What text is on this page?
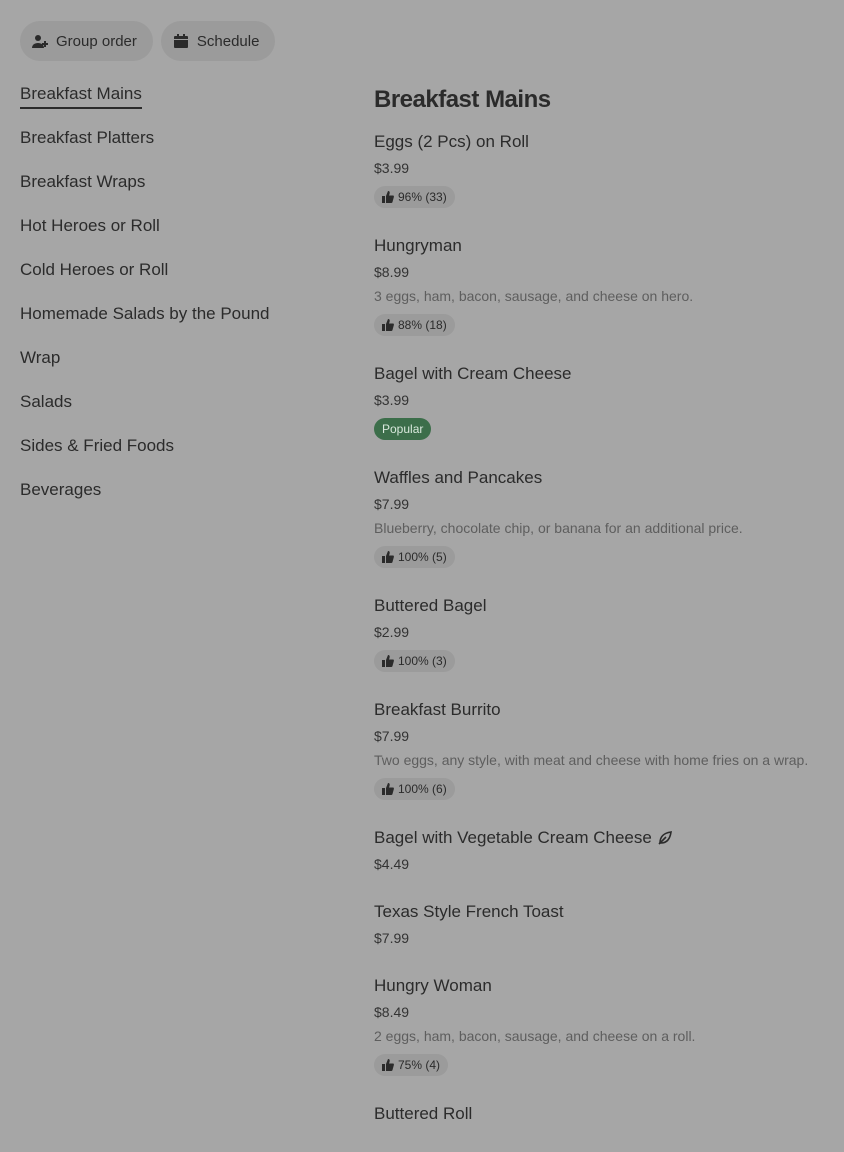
Group order	Schedule
Breakfast Mains
Breakfast Platters
Breakfast Wraps
Hot Heroes or Roll
Cold Heroes or Roll
Homemade Salads by the Pound
Wrap
Salads
Sides & Fried Foods
Beverages
Breakfast Mains
Eggs (2 Pcs) on Roll
$3.99
96% (33)
Hungryman
$8.99
3 eggs, ham, bacon, sausage, and cheese on hero.
88% (18)
Bagel with Cream Cheese
$3.99
Popular
Waffles and Pancakes
$7.99
Blueberry, chocolate chip, or banana for an additional price.
100% (5)
Buttered Bagel
$2.99
100% (3)
Breakfast Burrito
$7.99
Two eggs, any style, with meat and cheese with home fries on a wrap.
100% (6)
Bagel with Vegetable Cream Cheese
$4.49
Texas Style French Toast
$7.99
Hungry Woman
$8.49
2 eggs, ham, bacon, sausage, and cheese on a roll.
75% (4)
Buttered Roll
